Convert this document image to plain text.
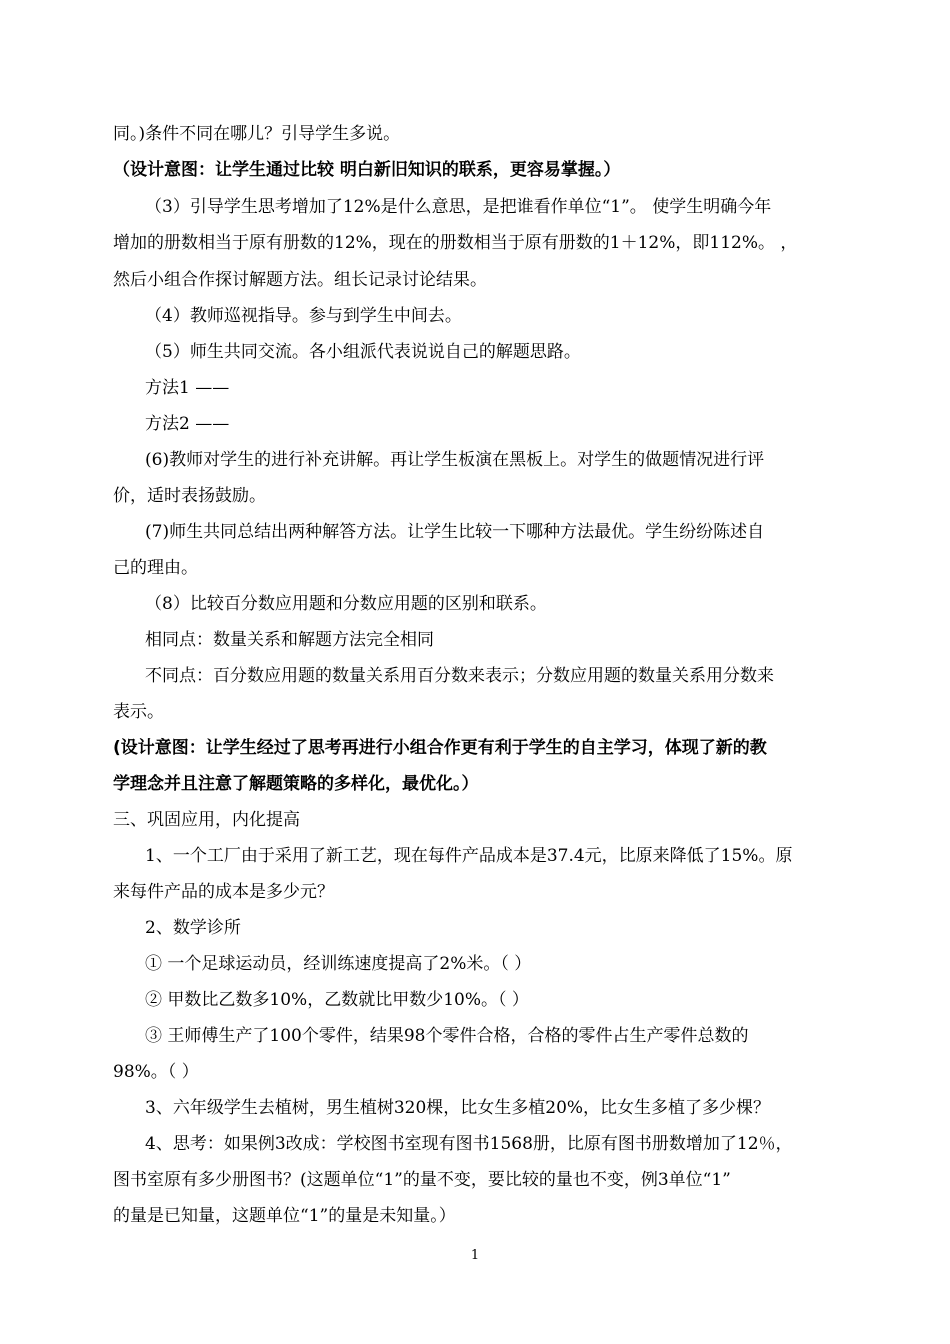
同。)条件不同在哪儿？引导学生多说。
（设计意图：让学生通过比较 明白新旧知识的联系，更容易掌握。）
（3）引导学生思考增加了12%是什么意思，是把谁看作单位“1”。 使学生明确今年
增加的册数相当于原有册数的12%，现在的册数相当于原有册数的1＋12%，即112%。 ，
然后小组合作探讨解题方法。组长记录讨论结果。
（4）教师巡视指导。参与到学生中间去。
（5）师生共同交流。各小组派代表说说自己的解题思路。
方法1 ——
方法2 ——
(6)教师对学生的进行补充讲解。再让学生板演在黑板上。对学生的做题情况进行评
价，适时表扬鼓励。
(7)师生共同总结出两种解答方法。让学生比较一下哪种方法最优。学生纷纷陈述自
己的理由。
（8）比较百分数应用题和分数应用题的区别和联系。
相同点：数量关系和解题方法完全相同
不同点：百分数应用题的数量关系用百分数来表示；分数应用题的数量关系用分数来
表示。
(设计意图：让学生经过了思考再进行小组合作更有利于学生的自主学习，体现了新的教
学理念并且注意了解题策略的多样化，最优化。）
三、巩固应用，内化提高
1、一个工厂由于采用了新工艺，现在每件产品成本是37.4元，比原来降低了15%。原
来每件产品的成本是多少元？
2、数学诊所
① 一个足球运动员，经训练速度提高了2%米。（ ）
② 甲数比乙数多10%，乙数就比甲数少10%。（ ）
③ 王师傅生产了100个零件，结果98个零件合格，合格的零件占生产零件总数的
98%。（ ）
3、六年级学生去植树，男生植树320棵，比女生多植20%，比女生多植了多少棵？
4、思考：如果例3改成：学校图书室现有图书1568册，比原有图书册数增加了12％，
图书室原有多少册图书？(这题单位“1”的量不变，要比较的量也不变，例3单位“1”
的量是已知量，这题单位“1”的量是未知量。）
1
